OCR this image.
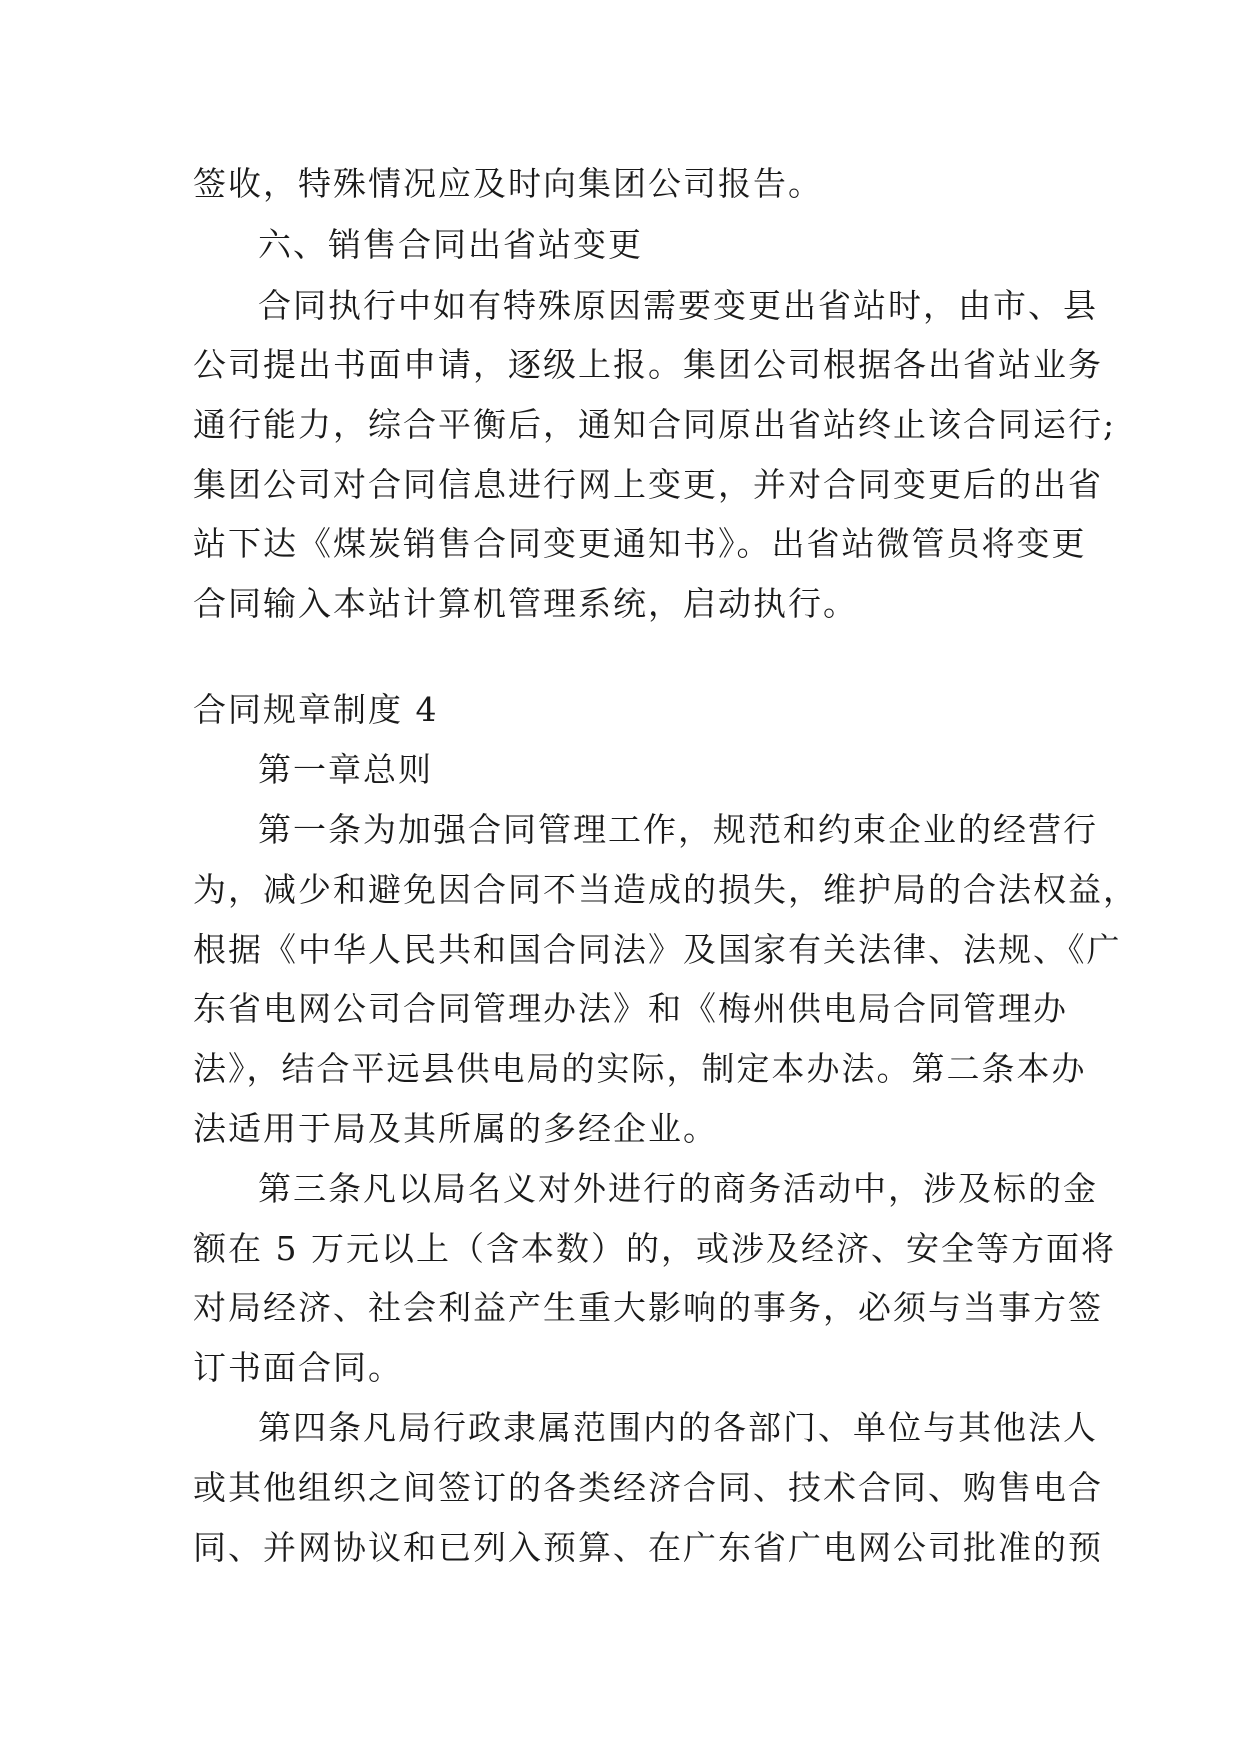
签收，特殊情况应及时向集团公司报告。
六、销售合同出省站变更
合同执行中如有特殊原因需要变更出省站时，由市、县
公司提出书面申请，逐级上报。集团公司根据各出省站业务
通行能力，综合平衡后，通知合同原出省站终止该合同运行;
集团公司对合同信息进行网上变更，并对合同变更后的出省
站下达《煤炭销售合同变更通知书》。出省站微管员将变更
合同输入本站计算机管理系统，启动执行。
合同规章制度 4
第一章总则
第一条为加强合同管理工作，规范和约束企业的经营行
为，减少和避免因合同不当造成的损失，维护局的合法权益，
根据《中华人民共和国合同法》及国家有关法律、法规、《广
东省电网公司合同管理办法》和《梅州供电局合同管理办
法》，结合平远县供电局的实际，制定本办法。第二条本办
法适用于局及其所属的多经企业。
第三条凡以局名义对外进行的商务活动中，涉及标的金
额在 5 万元以上（含本数）的，或涉及经济、安全等方面将
对局经济、社会利益产生重大影响的事务，必须与当事方签
订书面合同。
第四条凡局行政隶属范围内的各部门、单位与其他法人
或其他组织之间签订的各类经济合同、技术合同、购售电合
同、并网协议和已列入预算、在广东省广电网公司批准的预
